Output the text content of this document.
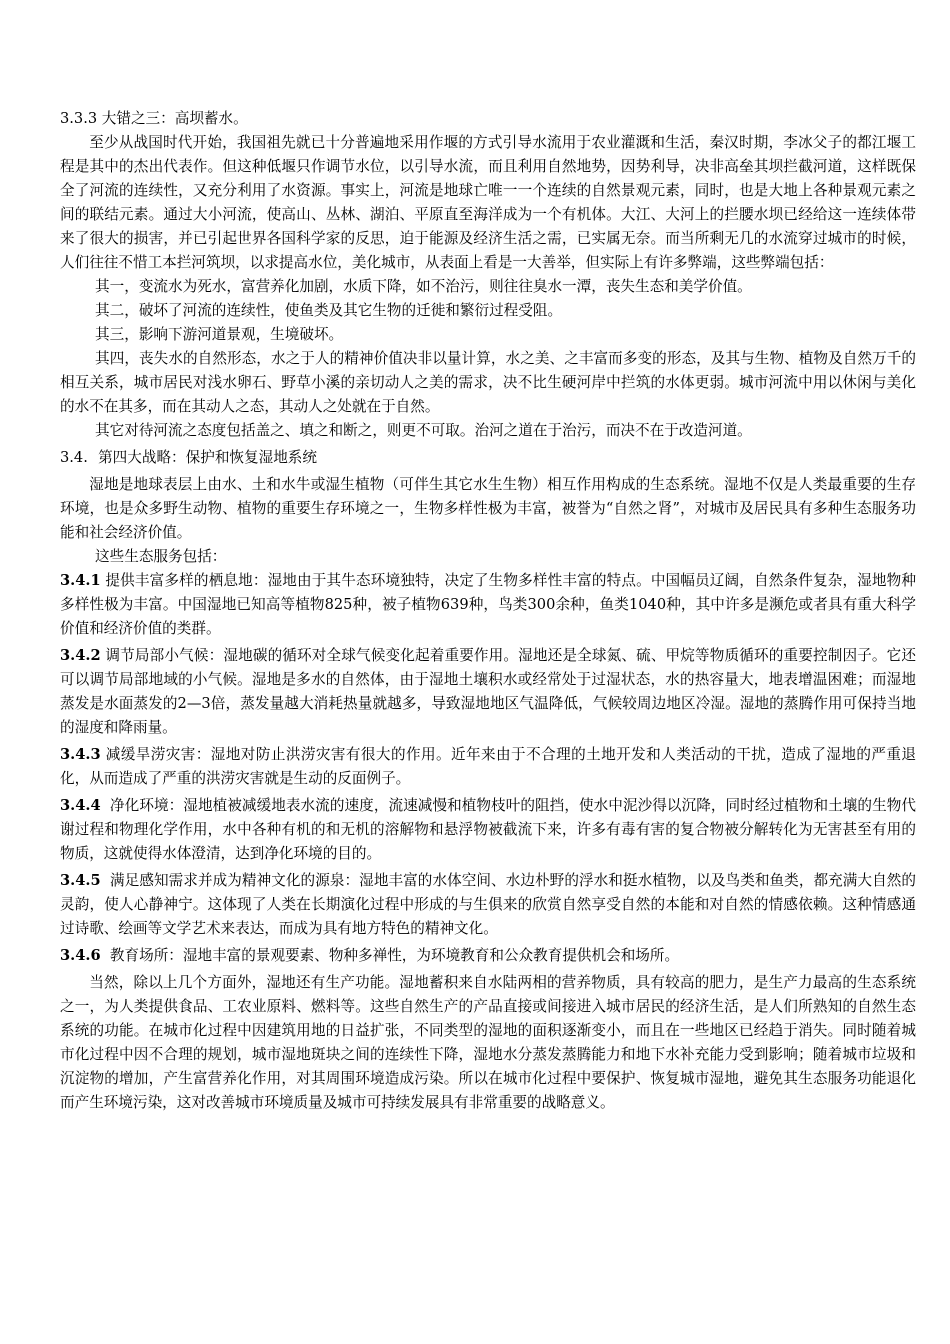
3.3.3 大错之三：高坝蓄水。

至少从战国时代开始，我国祖先就已十分普遍地采用作堰的方式引导水流用于农业灌溉和生活，秦汉时期，李冰父子的都江堰工程是其中的杰出代表作。但这种低堰只作调节水位，以引导水流，而且利用自然地势，因势利导，决非高垒其坝拦截河道，这样既保全了河流的连续性，又充分利用了水资源。事实上，河流是地球亡唯一一个连续的自然景观元素，同时，也是大地上各种景观元素之间的联结元素。通过大小河流，使高山、丛林、湖泊、平原直至海洋成为一个有机体。大江、大河上的拦腰水坝已经给这一连续体带来了很大的损害，并已引起世界各国科学家的反思，迫于能源及经济生活之需，已实属无奈。而当所剩无几的水流穿过城市的时候，人们往往不惜工本拦河筑坝，以求提高水位，美化城市，从表面上看是一大善举，但实际上有许多弊端，这些弊端包括：

其一，变流水为死水，富营养化加剧，水质下降，如不治污，则往往臭水一潭，丧失生态和美学价值。

其二，破坏了河流的连续性，使鱼类及其它生物的迁徙和繁衍过程受阻。

其三，影响下游河道景观，生境破坏。

其四，丧失水的自然形态，水之于人的精神价值决非以量计算，水之美、之丰富而多变的形态，及其与生物、植物及自然万千的相互关系，城市居民对浅水卵石、野草小溪的亲切动人之美的需求，决不比生硬河岸中拦筑的水体更弱。城市河流中用以休闲与美化的水不在其多，而在其动人之态，其动人之处就在于自然。

其它对待河流之态度包括盖之、填之和断之，则更不可取。治河之道在于治污，而决不在于改造河道。

3.4. 第四大战略：保护和恢复湿地系统

湿地是地球表层上由水、土和水牛或湿生植物（可伴生其它水生生物）相互作用构成的生态系统。湿地不仅是人类最重要的生存环境，也是众多野生动物、植物的重要生存环境之一，生物多样性极为丰富，被誉为“自然之肾”，对城市及居民具有多种生态服务功能和社会经济价值。

这些生态服务包括：

3.4.1 提供丰富多样的栖息地：湿地由于其牛态环境独特，决定了生物多样性丰富的特点。中国幅员辽阔，自然条件复杂，湿地物种多样性极为丰富。中国湿地已知高等植物825种，被子植物639种，鸟类300余种，鱼类1040种，其中许多是濒危或者具有重大科学价值和经济价值的类群。

3.4.2 调节局部小气候：湿地碳的循环对全球气候变化起着重要作用。湿地还是全球氮、硫、甲烷等物质循环的重要控制因子。它还可以调节局部地域的小气候。湿地是多水的自然体，由于湿地土壤积水或经常处于过湿状态，水的热容量大，地表增温困难；而湿地蒸发是水面蒸发的2—3倍，蒸发量越大消耗热量就越多，导致湿地地区气温降低，气候较周边地区冷湿。湿地的蒸腾作用可保持当地的湿度和降雨量。

3.4.3 减缓旱涝灾害：湿地对防止洪涝灾害有很大的作用。近年来由于不合理的土地开发和人类活动的干扰，造成了湿地的严重退化，从而造成了严重的洪涝灾害就是生动的反面例子。

3.4.4 净化环境：湿地植被减缓地表水流的速度，流速减慢和植物枝叶的阻挡，使水中泥沙得以沉降，同时经过植物和土壤的生物代谢过程和物理化学作用，水中各种有机的和无机的溶解物和悬浮物被截流下来，许多有毒有害的复合物被分解转化为无害甚至有用的物质，这就使得水体澄清，达到净化环境的目的。

3.4.5 满足感知需求并成为精神文化的源泉：湿地丰富的水体空间、水边朴野的浮水和挺水植物，以及鸟类和鱼类，都充满大自然的灵韵，使人心静神宁。这体现了人类在长期演化过程中形成的与生俱来的欣赏自然享受自然的本能和对自然的情感依赖。这种情感通过诗歌、绘画等文学艺术来表达，而成为具有地方特色的精神文化。

3.4.6 教育场所：湿地丰富的景观要素、物种多禅性，为环境教育和公众教育提供机会和场所。

当然，除以上几个方面外，湿地还有生产功能。湿地蓄积来自水陆两相的营养物质，具有较高的肥力，是生产力最高的生态系统之一，为人类提供食品、工农业原料、燃料等。这些自然生产的产品直接或间接进入城市居民的经济生活，是人们所熟知的自然生态系统的功能。在城市化过程中因建筑用地的日益扩张，不同类型的湿地的面积逐渐变小，而且在一些地区已经趋于消失。同时随着城市化过程中因不合理的规划，城市湿地斑块之间的连续性下降，湿地水分蒸发蒸腾能力和地下水补充能力受到影响；随着城市垃圾和沉淀物的增加，产生富营养化作用，对其周围环境造成污染。所以在城市化过程中要保护、恢复城市湿地，避免其生态服务功能退化而产生环境污染，这对改善城市环境质量及城市可持续发展具有非常重要的战略意义。
